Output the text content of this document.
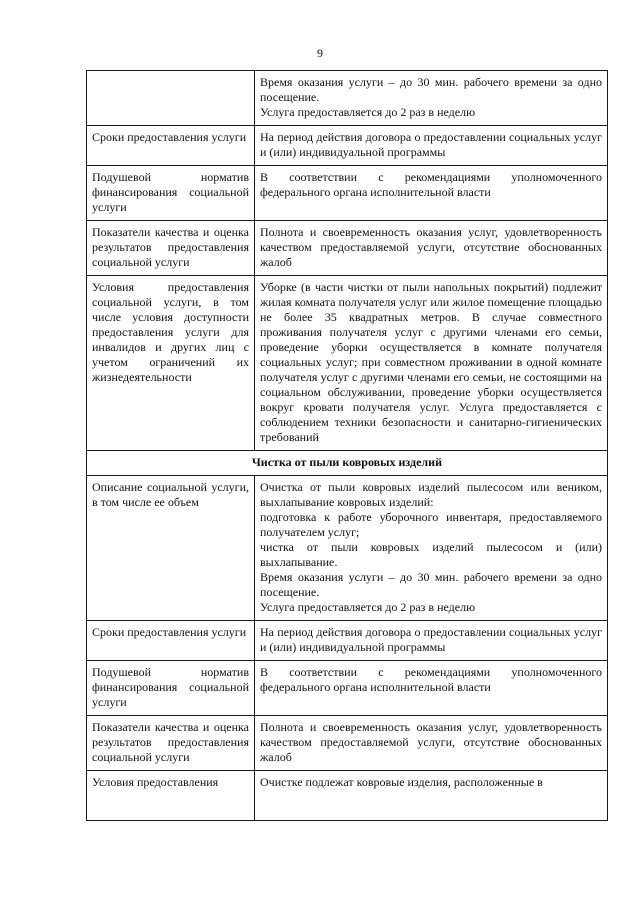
9

	Время оказания услуги – до 30 мин. рабочего времени за одно посещение.
Услуга предоставляется до 2 раз в неделю

Сроки предоставления услуги	На период действия договора о предоставлении социальных услуг и (или) индивидуальной программы

Подушевой норматив финансирования социальной услуги	В соответствии с рекомендациями уполномоченного федерального органа исполнительной власти

Показатели качества и оценка результатов предоставления социальной услуги	Полнота и своевременность оказания услуг, удовлетворенность качеством предоставляемой услуги, отсутствие обоснованных жалоб

Условия предоставления социальной услуги, в том числе условия доступности предоставления услуги для инвалидов и других лиц с учетом ограничений их жизнедеятельности	Уборке (в части чистки от пыли напольных покрытий) подлежит жилая комната получателя услуг или жилое помещение площадью не более 35 квадратных метров. В случае совместного проживания получателя услуг с другими членами его семьи, проведение уборки осуществляется в комнате получателя социальных услуг; при совместном проживании в одной комнате получателя услуг с другими членами его семьи, не состоящими на социальном обслуживании, проведение уборки осуществляется вокруг кровати получателя услуг. Услуга предоставляется с соблюдением техники безопасности и санитарно-гигиенических требований

Чистка от пыли ковровых изделий	
Описание социальной услуги, в том числе ее объем	Очистка от пыли ковровых изделий пылесосом или веником, выхлапывание ковровых изделий:
подготовка к работе уборочного инвентаря, предоставляемого получателем услуг;
чистка от пыли ковровых изделий пылесосом и (или) выхлапывание.
Время оказания услуги – до 30 мин. рабочего времени за одно посещение.
Услуга предоставляется до 2 раз в неделю

Сроки предоставления услуги	На период действия договора о предоставлении социальных услуг и (или) индивидуальной программы

Подушевой норматив финансирования социальной услуги	В соответствии с рекомендациями уполномоченного федерального органа исполнительной власти

Показатели качества и оценка результатов предоставления социальной услуги	Полнота и своевременность оказания услуг, удовлетворенность качеством предоставляемой услуги, отсутствие обоснованных жалоб

Условия предоставления	Очистке подлежат ковровые изделия, расположенные в
